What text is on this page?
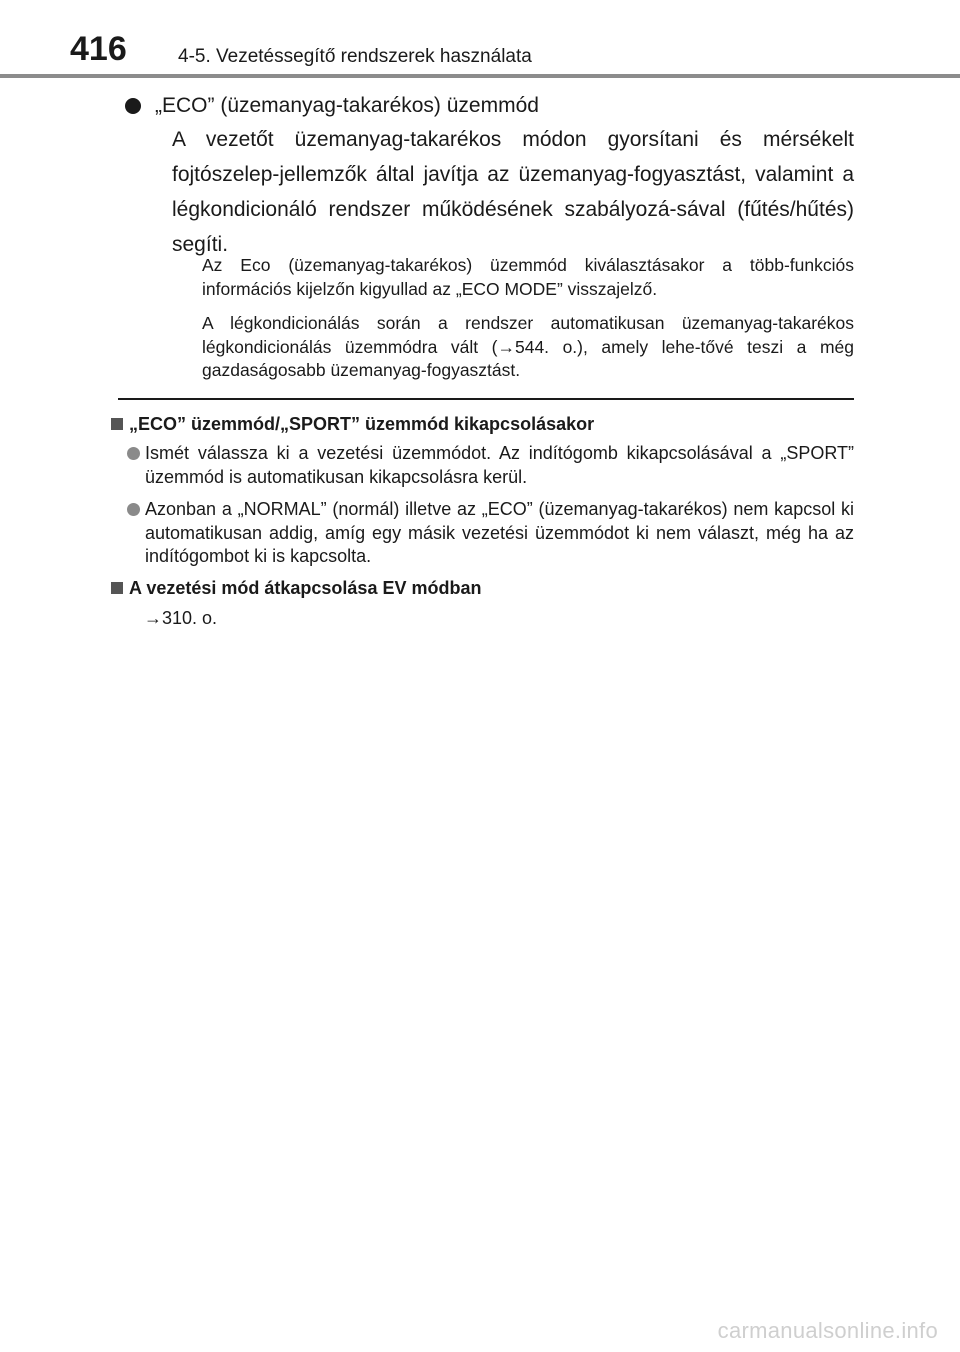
416	4-5. Vezetéssegítő rendszerek használata
„ECO” (üzemanyag-takarékos) üzemmód
A vezetőt üzemanyag-takarékos módon gyorsítani és mérsékelt fojtószelep-jellemzők által javítja az üzemanyag-fogyasztást, valamint a légkondicionáló rendszer működésének szabályozá-sával (fűtés/hűtés) segíti.
Az Eco (üzemanyag-takarékos) üzemmód kiválasztásakor a több-funkciós információs kijelzőn kigyullad az „ECO MODE” visszajelző.
A légkondicionálás során a rendszer automatikusan üzemanyag-takarékos légkondicionálás üzemmódra vált (→544. o.), amely lehe-tővé teszi a még gazdaságosabb üzemanyag-fogyasztást.
„ECO” üzemmód/„SPORT” üzemmód kikapcsolásakor
Ismét válassza ki a vezetési üzemmódot. Az indítógomb kikapcsolásával a „SPORT” üzemmód is automatikusan kikapcsolásra kerül.
Azonban a „NORMAL” (normál) illetve az „ECO” (üzemanyag-takarékos) nem kapcsol ki automatikusan addig, amíg egy másik vezetési üzemmódot ki nem választ, még ha az indítógombot ki is kapcsolta.
A vezetési mód átkapcsolása EV módban
→310. o.
carmanualsonline.info
